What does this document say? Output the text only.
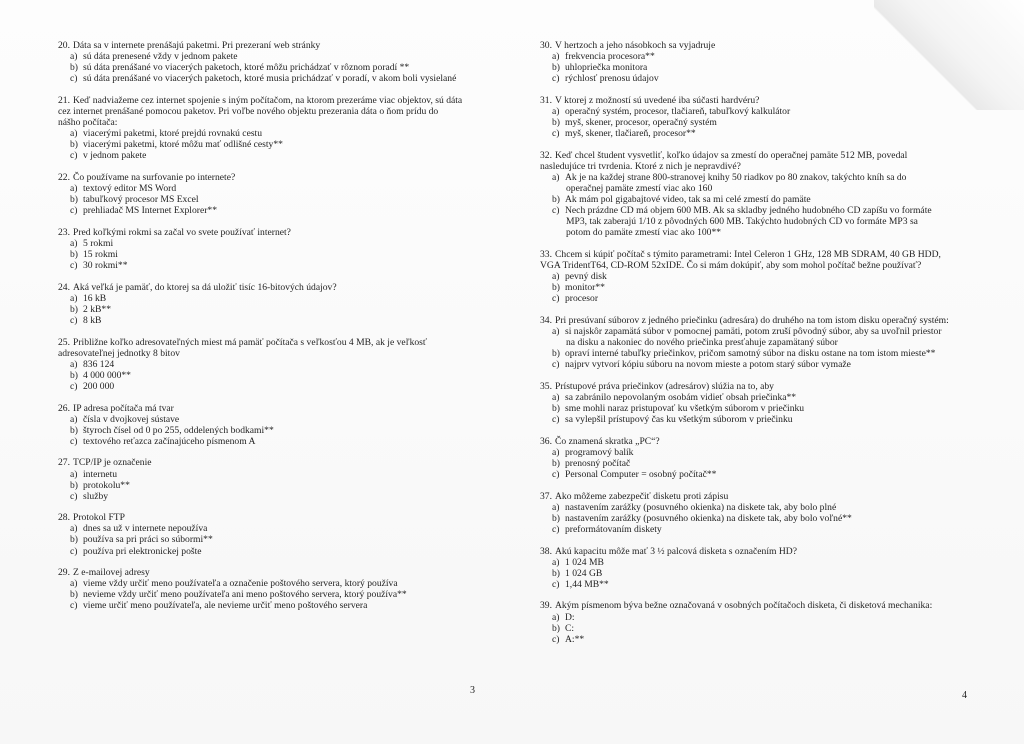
20. Dáta sa v internete prenášajú paketmi. Pri prezeraní web stránky
a) sú dáta prenesené vždy v jednom pakete
b) sú dáta prenášané vo viacerých paketoch, ktoré môžu prichádzať v rôznom poradí **
c) sú dáta prenášané vo viacerých paketoch, ktoré musia prichádzať v poradí, v akom boli vysielané
21. Keď nadviažeme cez internet spojenie s iným počítačom, na ktorom prezeráme viac objektov, sú dáta
cez internet prenášané pomocou paketov. Pri voľbe nového objektu prezerania dáta o ňom prídu do
nášho počítača:
a) viacerými paketmi, ktoré prejdú rovnakú cestu
b) viacerými paketmi, ktoré môžu mať odlišné cesty**
c) v jednom pakete
22. Čo používame na surfovanie po internete?
a) textový editor MS Word
b) tabuľkový procesor MS Excel
c) prehliadač MS Internet Explorer**
23. Pred koľkými rokmi sa začal vo svete používať internet?
a) 5 rokmi
b) 15 rokmi
c) 30 rokmi**
24. Aká veľká je pamäť, do ktorej sa dá uložiť tisíc 16-bitových údajov?
a) 16 kB
b) 2 kB**
c) 8 kB
25. Približne koľko adresovateľných miest má pamäť počítača s veľkosťou 4 MB, ak je veľkosť
adresovateľnej jednotky 8 bitov
a) 836 124
b) 4 000 000**
c) 200 000
26. IP adresa počítača má tvar
a) čísla v dvojkovej sústave
b) štyroch čísel od 0 po 255, oddelených bodkami**
c) textového reťazca začínajúceho písmenom A
27. TCP/IP je označenie
a) internetu
b) protokolu**
c) služby
28. Protokol FTP
a) dnes sa už v internete nepoužíva
b) používa sa pri práci so súbormi**
c) používa pri elektronickej pošte
29. Z e-mailovej adresy
a) vieme vždy určiť meno používateľa a označenie poštového servera, ktorý používa
b) nevieme vždy určiť meno používateľa ani meno poštového servera, ktorý používa**
c) vieme určiť meno používateľa, ale nevieme určiť meno poštového servera
30. V hertzoch a jeho násobkoch sa vyjadruje
a) frekvencia procesora**
b) uhlopriečka monitora
c) rýchlosť prenosu údajov
31. V ktorej z možností sú uvedené iba súčasti hardvéru?
a) operačný systém, procesor, tlačiareň, tabuľkový kalkulátor
b) myš, skener, procesor, operačný systém
c) myš, skener, tlačiareň, procesor**
32. Keď chcel študent vysvetliť, koľko údajov sa zmestí do operačnej pamäte 512 MB, povedal
nasledujúce tri tvrdenia. Ktoré z nich je nepravdivé?
a) Ak je na každej strane 800-stranovej knihy 50 riadkov po 80 znakov, takýchto kníh sa do
operačnej pamäte zmestí viac ako 160
b) Ak mám pol gigabajtové video, tak sa mi celé zmestí do pamäte
c) Nech prázdne CD má objem 600 MB. Ak sa skladby jedného hudobného CD zapíšu vo formáte
MP3, tak zaberajú 1/10 z pôvodných 600 MB. Takýchto hudobných CD vo formáte MP3 sa
potom do pamäte zmestí viac ako 100**
33. Chcem si kúpiť počítač s týmito parametrami: Intel Celeron 1 GHz, 128 MB SDRAM, 40 GB HDD,
VGA TridentT64, CD-ROM 52xIDE. Čo si mám dokúpiť, aby som mohol počítač bežne používať?
a) pevný disk
b) monitor**
c) procesor
34. Pri presúvaní súborov z jedného priečinku (adresára) do druhého na tom istom disku operačný systém:
a) si najskôr zapamätá súbor v pomocnej pamäti, potom zruší pôvodný súbor, aby sa uvoľnil priestor
na disku a nakoniec do nového priečinka presťahuje zapamätaný súbor
b) opraví interné tabuľky priečinkov, pričom samotný súbor na disku ostane na tom istom mieste**
c) najprv vytvorí kópiu súboru na novom mieste a potom starý súbor vymaže
35. Prístupové práva priečinkov (adresárov) slúžia na to, aby
a) sa zabránilo nepovolaným osobám vidieť obsah priečinka**
b) sme mohli naraz pristupovať ku všetkým súborom v priečinku
c) sa vylepšil prístupový čas ku všetkým súborom v priečinku
36. Čo znamená skratka „PC“?
a) programový balík
b) prenosný počítač
c) Personal Computer = osobný počítač**
37. Ako môžeme zabezpečiť disketu proti zápisu
a) nastavením zarážky (posuvného okienka) na diskete tak, aby bolo plné
b) nastavením zarážky (posuvného okienka) na diskete tak, aby bolo voľné**
c) preformátovaním diskety
38. Akú kapacitu môže mať 3 ½ palcová disketa s označením HD?
a) 1 024 MB
b) 1 024 GB
c) 1,44 MB**
39. Akým písmenom býva bežne označovaná v osobných počítačoch disketa, či disketová mechanika:
a) D:
b) C:
c) A:**
3	4
